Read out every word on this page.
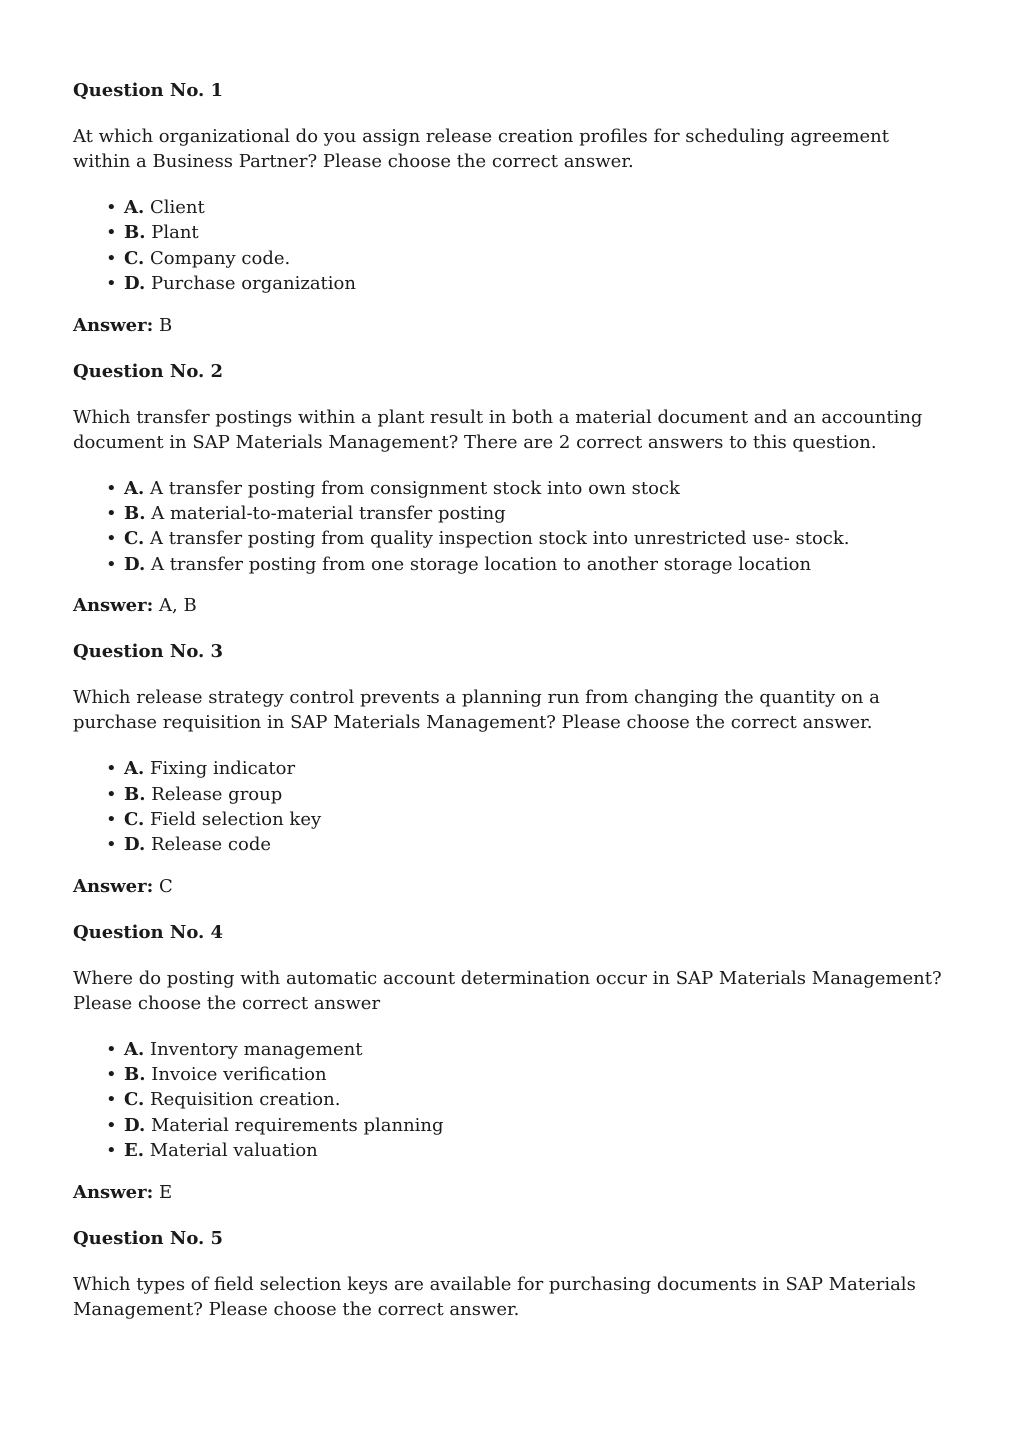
Question No. 1

At which organizational do you assign release creation profiles for scheduling agreement within a Business Partner? Please choose the correct answer.

• A. Client
• B. Plant
• C. Company code.
• D. Purchase organization

Answer: B

Question No. 2

Which transfer postings within a plant result in both a material document and an accounting document in SAP Materials Management? There are 2 correct answers to this question.

• A. A transfer posting from consignment stock into own stock
• B. A material-to-material transfer posting
• C. A transfer posting from quality inspection stock into unrestricted use- stock.
• D. A transfer posting from one storage location to another storage location

Answer: A, B

Question No. 3

Which release strategy control prevents a planning run from changing the quantity on a purchase requisition in SAP Materials Management? Please choose the correct answer.

• A. Fixing indicator
• B. Release group
• C. Field selection key
• D. Release code

Answer: C

Question No. 4

Where do posting with automatic account determination occur in SAP Materials Management? Please choose the correct answer

• A. Inventory management
• B. Invoice verification
• C. Requisition creation.
• D. Material requirements planning
• E. Material valuation

Answer: E

Question No. 5

Which types of field selection keys are available for purchasing documents in SAP Materials Management? Please choose the correct answer.
